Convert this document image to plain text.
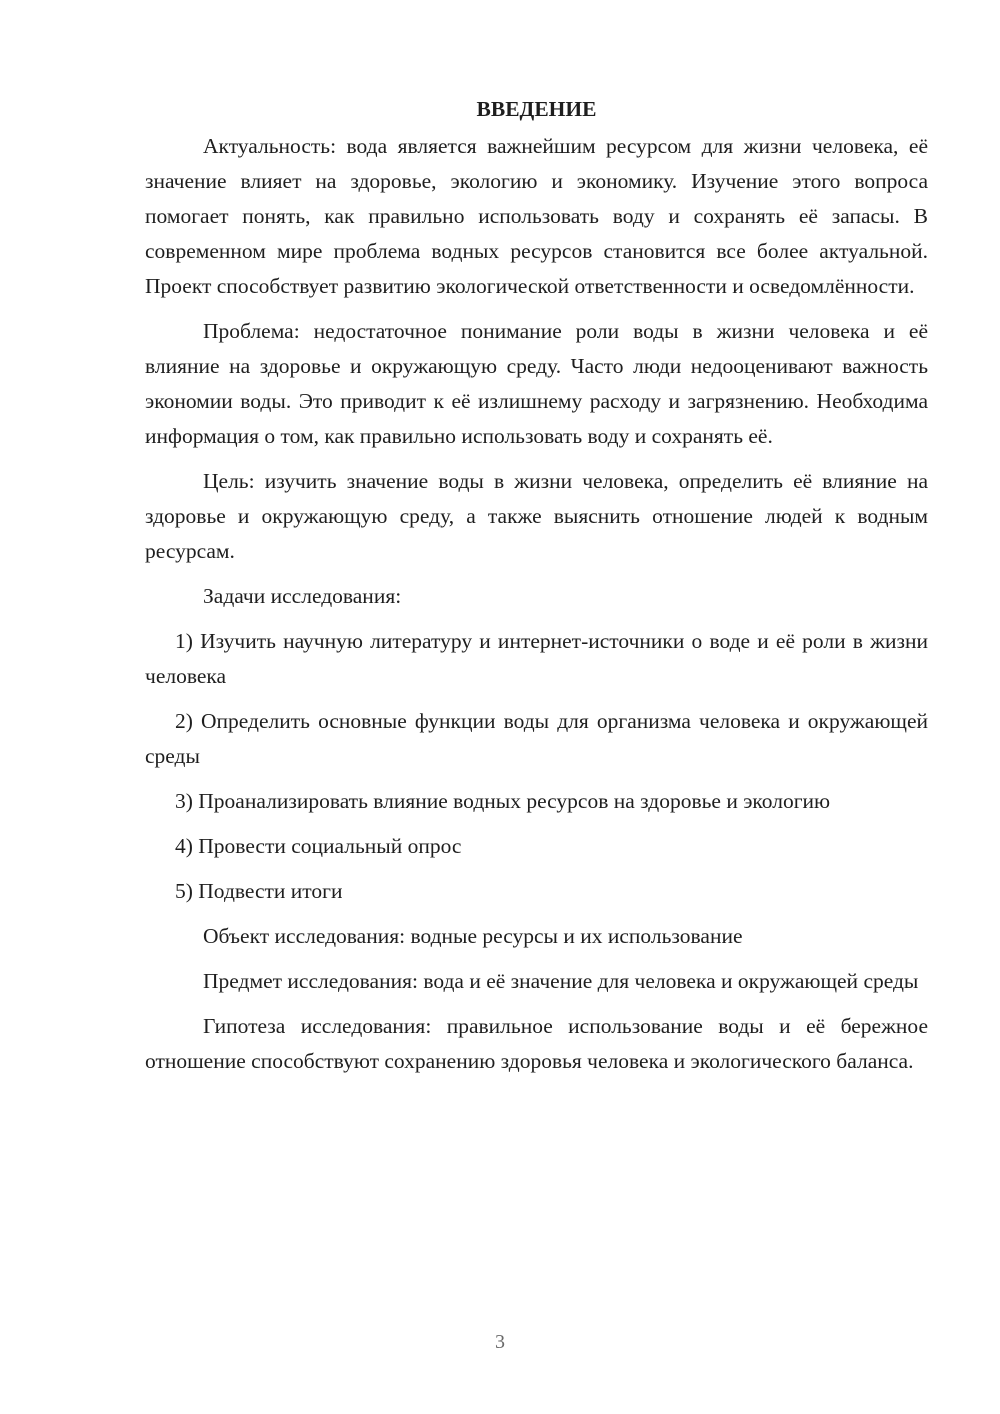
ВВЕДЕНИЕ

Актуальность: вода является важнейшим ресурсом для жизни человека, её значение влияет на здоровье, экологию и экономику. Изучение этого вопроса помогает понять, как правильно использовать воду и сохранять её запасы. В современном мире проблема водных ресурсов становится все более актуальной. Проект способствует развитию экологической ответственности и осведомлённости.

Проблема: недостаточное понимание роли воды в жизни человека и её влияние на здоровье и окружающую среду. Часто люди недооценивают важность экономии воды. Это приводит к её излишнему расходу и загрязнению. Необходима информация о том, как правильно использовать воду и сохранять её.

Цель: изучить значение воды в жизни человека, определить её влияние на здоровье и окружающую среду, а также выяснить отношение людей к водным ресурсам.

Задачи исследования:

1) Изучить научную литературу и интернет-источники о воде и её роли в жизни человека

2) Определить основные функции воды для организма человека и окружающей среды

3) Проанализировать влияние водных ресурсов на здоровье и экологию

4) Провести социальный опрос

5) Подвести итоги

Объект исследования: водные ресурсы и их использование

Предмет исследования: вода и её значение для человека и окружающей среды

Гипотеза исследования: правильное использование воды и её бережное отношение способствуют сохранению здоровья человека и экологического баланса.

3
